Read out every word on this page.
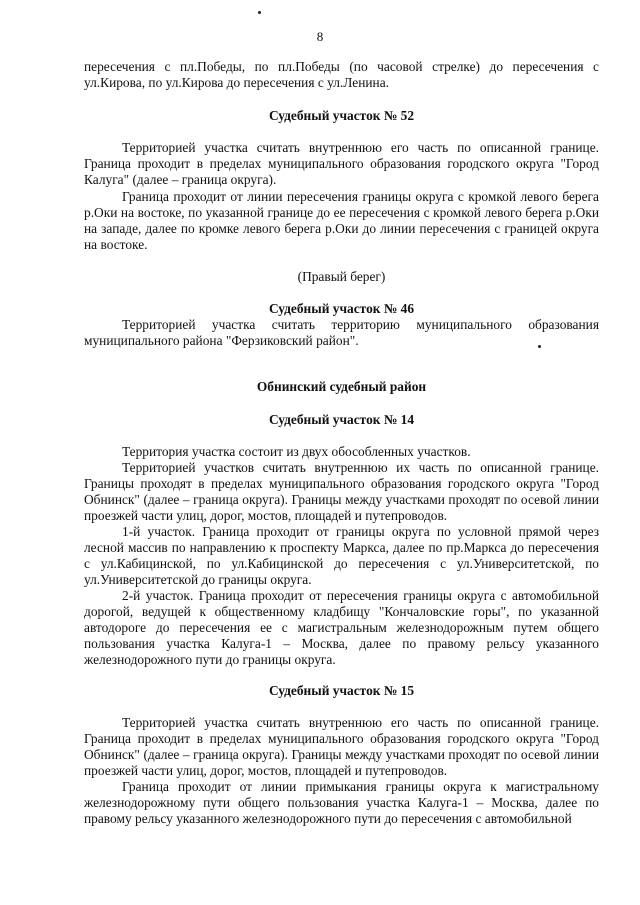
8

пересечения с пл.Победы, по пл.Победы (по часовой стрелке) до пересечения с ул.Кирова, по ул.Кирова до пересечения с ул.Ленина.

Судебный участок № 52

Территорией участка считать внутреннюю его часть по описанной границе. Граница проходит в пределах муниципального образования городского округа "Город Калуга" (далее – граница округа).

Граница проходит от линии пересечения границы округа с кромкой левого берега р.Оки на востоке, по указанной границе до ее пересечения с кромкой левого берега р.Оки на западе, далее по кромке левого берега р.Оки до линии пересечения с границей округа на востоке.

(Правый берег)
Судебный участок № 46

Территорией участка считать территорию муниципального образования муниципального района "Ферзиковский район".

Обнинский судебный район
Судебный участок № 14

Территория участка состоит из двух обособленных участков.

Территорией участков считать внутреннюю их часть по описанной границе. Границы проходят в пределах муниципального образования городского округа "Город Обнинск" (далее – граница округа). Границы между участками проходят по осевой линии проезжей части улиц, дорог, мостов, площадей и путепроводов.

1-й участок. Граница проходит от границы округа по условной прямой через лесной массив по направлению к проспекту Маркса, далее по пр.Маркса до пересечения с ул.Кабицинской, по ул.Кабицинской до пересечения с ул.Университетской, по ул.Университетской до границы округа.

2-й участок. Граница проходит от пересечения границы округа с автомобильной дорогой, ведущей к общественному кладбищу "Кончаловские горы", по указанной автодороге до пересечения ее с магистральным железнодорожным путем общего пользования участка Калуга-1 – Москва, далее по правому рельсу указанного железнодорожного пути до границы округа.

Судебный участок № 15

Территорией участка считать внутреннюю его часть по описанной границе. Граница проходит в пределах муниципального образования городского округа "Город Обнинск" (далее – граница округа). Границы между участками проходят по осевой линии проезжей части улиц, дорог, мостов, площадей и путепроводов.

Граница проходит от линии примыкания границы округа к магистральному железнодорожному пути общего пользования участка Калуга-1 – Москва, далее по правому рельсу указанного железнодорожного пути до пересечения с автомобильной
